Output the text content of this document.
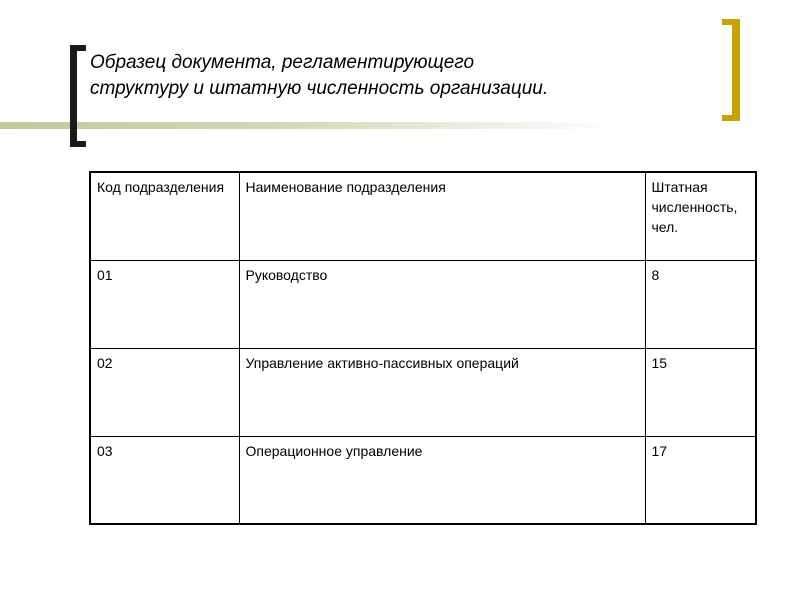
Образец документа, регламентирующего
структуру и штатную численность организации.
Код подразделения	Наименование подразделения	Штатная численность, чел.
01	Руководство	8
02	Управление активно-пассивных операций	15
03	Операционное управление	17
